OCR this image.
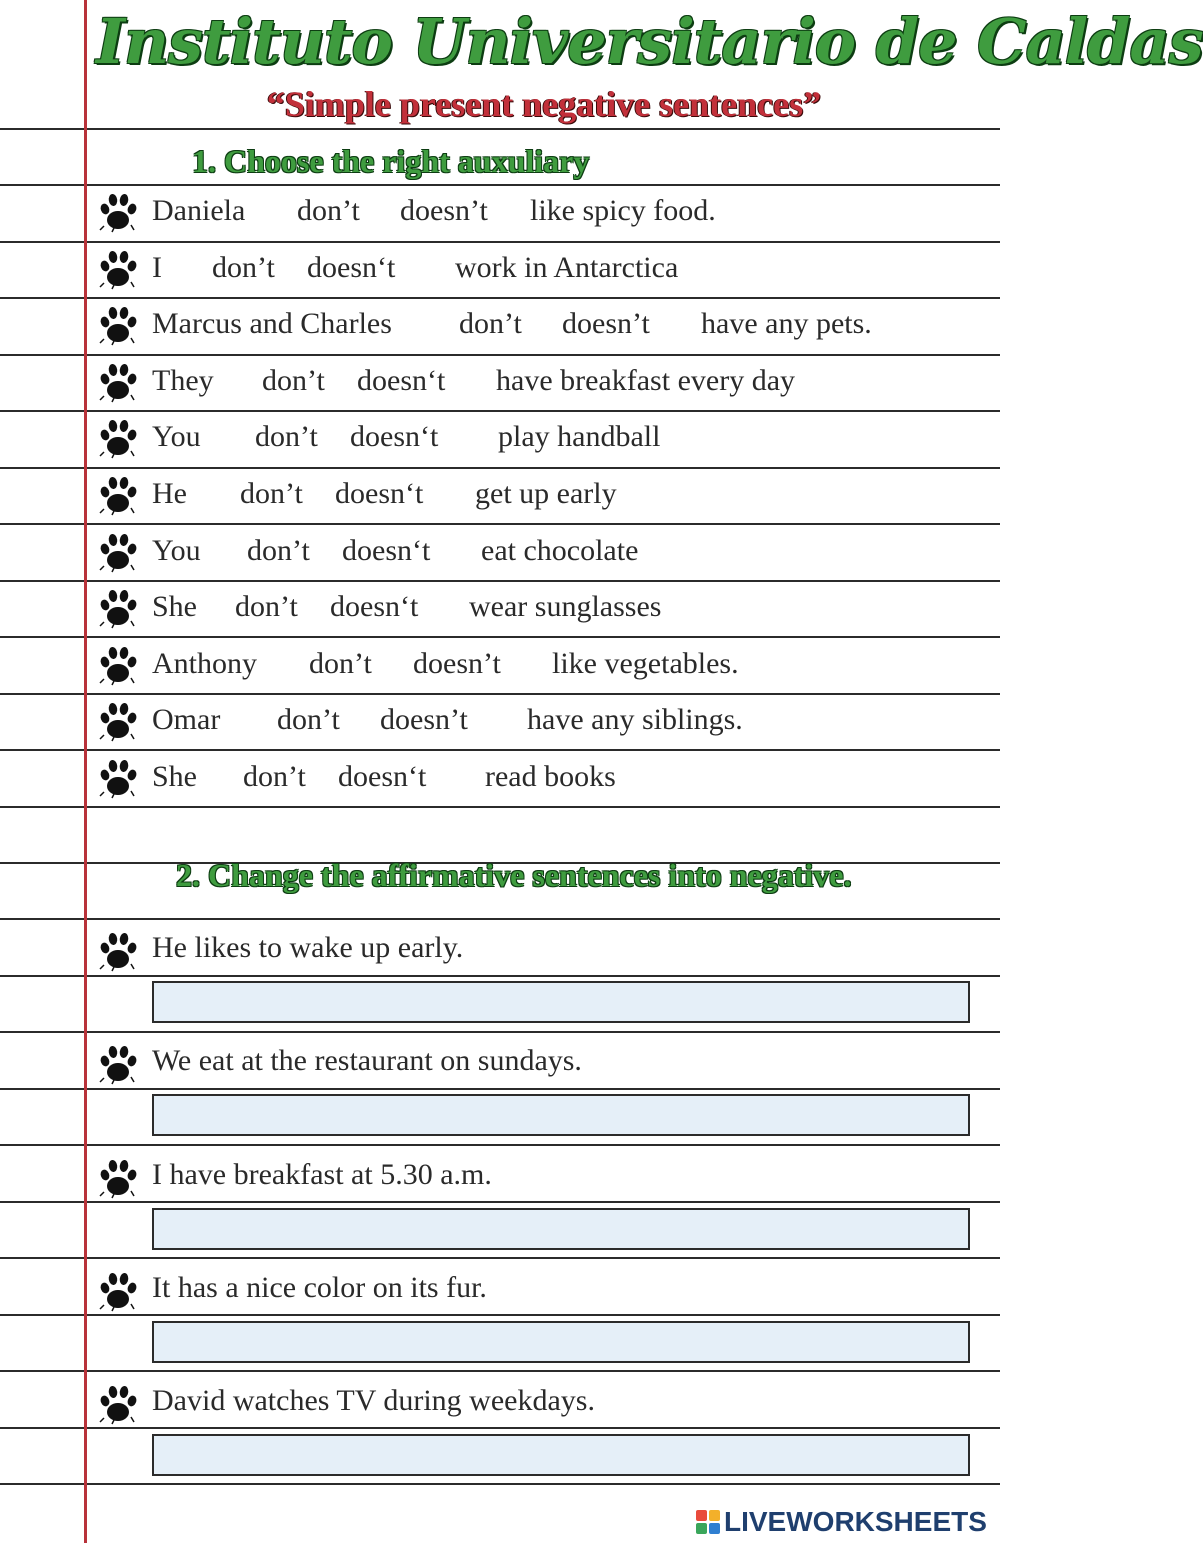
Instituto Universitario de Caldas
“Simple present negative sentences”
1. Choose the right auxuliary
Daniela don’t doesn’t like spicy food.
I don’t doesn‘t work in Antarctica
Marcus and Charles don’t doesn’t have any pets.
They don’t doesn‘t have breakfast every day
You don’t doesn‘t play handball
He don’t doesn‘t get up early
You don’t doesn‘t eat chocolate
She don’t doesn‘t wear sunglasses
Anthony don’t doesn’t like vegetables.
Omar don’t doesn’t have any siblings.
She don’t doesn‘t read books
2. Change the affirmative sentences into negative.
He likes to wake up early.
We eat at the restaurant on sundays.
I have breakfast at 5.30 a.m.
It has a nice color on its fur.
David watches TV during weekdays.
LIVEWORKSHEETS
